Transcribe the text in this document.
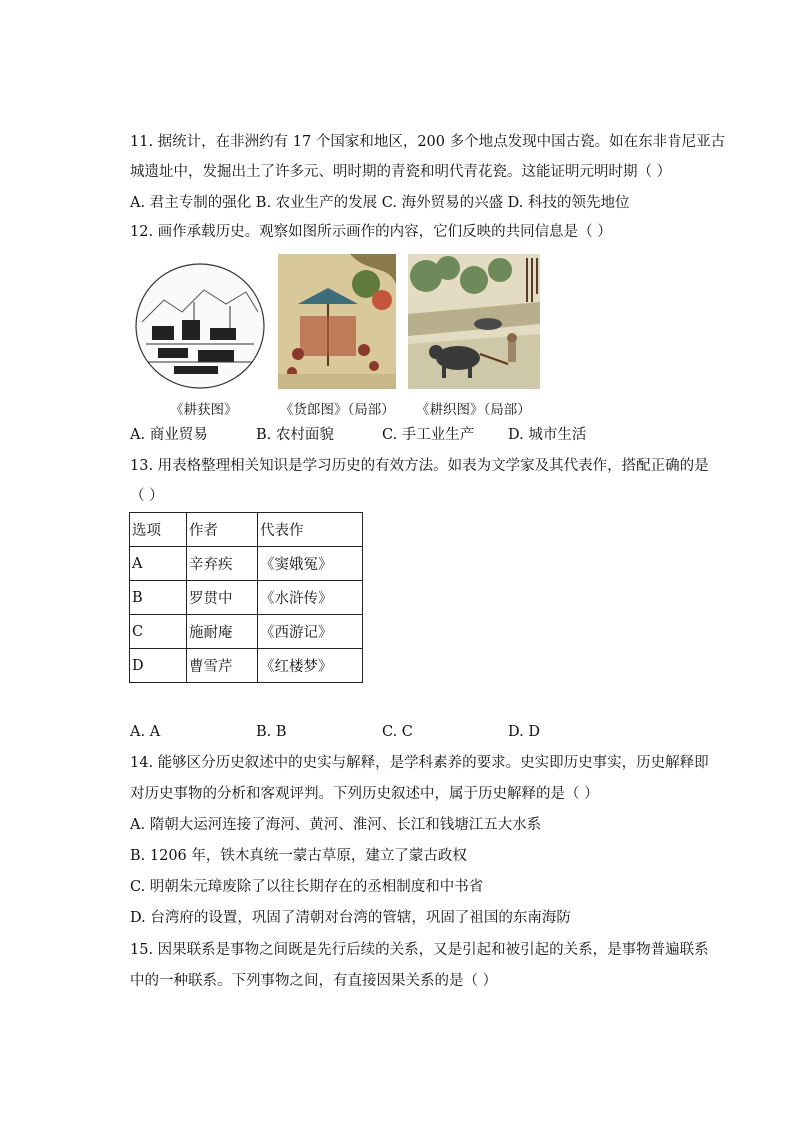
11. 据统计，在非洲约有 17 个国家和地区，200 多个地点发现中国古瓷。如在东非肯尼亚古
城遗址中，发掘出土了许多元、明时期的青瓷和明代青花瓷。这能证明元明时期（ ）
A. 君主专制的强化 B. 农业生产的发展 C. 海外贸易的兴盛 D. 科技的领先地位
12. 画作承载历史。观察如图所示画作的内容，它们反映的共同信息是（ ）
《耕获图》	《货郎图》（局部） 《耕织图》（局部）
A. 商业贸易	B. 农村面貌	C. 手工业生产 D. 城市生活
13. 用表格整理相关知识是学习历史的有效方法。如表为文学家及其代表作，搭配正确的是
（ ）
选项	作者	代表作
A	辛弃疾	《窦娥冤》
B	罗贯中	《水浒传》
C	施耐庵	《西游记》
D	曹雪芹	《红楼梦》
A. A	B. B	C. C	D. D
14. 能够区分历史叙述中的史实与解释，是学科素养的要求。史实即历史事实，历史解释即
对历史事物的分析和客观评判。下列历史叙述中，属于历史解释的是（ ）
A. 隋朝大运河连接了海河、黄河、淮河、长江和钱塘江五大水系
B. 1206 年，铁木真统一蒙古草原，建立了蒙古政权
C. 明朝朱元璋废除了以往长期存在的丞相制度和中书省
D. 台湾府的设置，巩固了清朝对台湾的管辖，巩固了祖国的东南海防
15. 因果联系是事物之间既是先行后续的关系，又是引起和被引起的关系，是事物普遍联系
中的一种联系。下列事物之间，有直接因果关系的是（ ）
